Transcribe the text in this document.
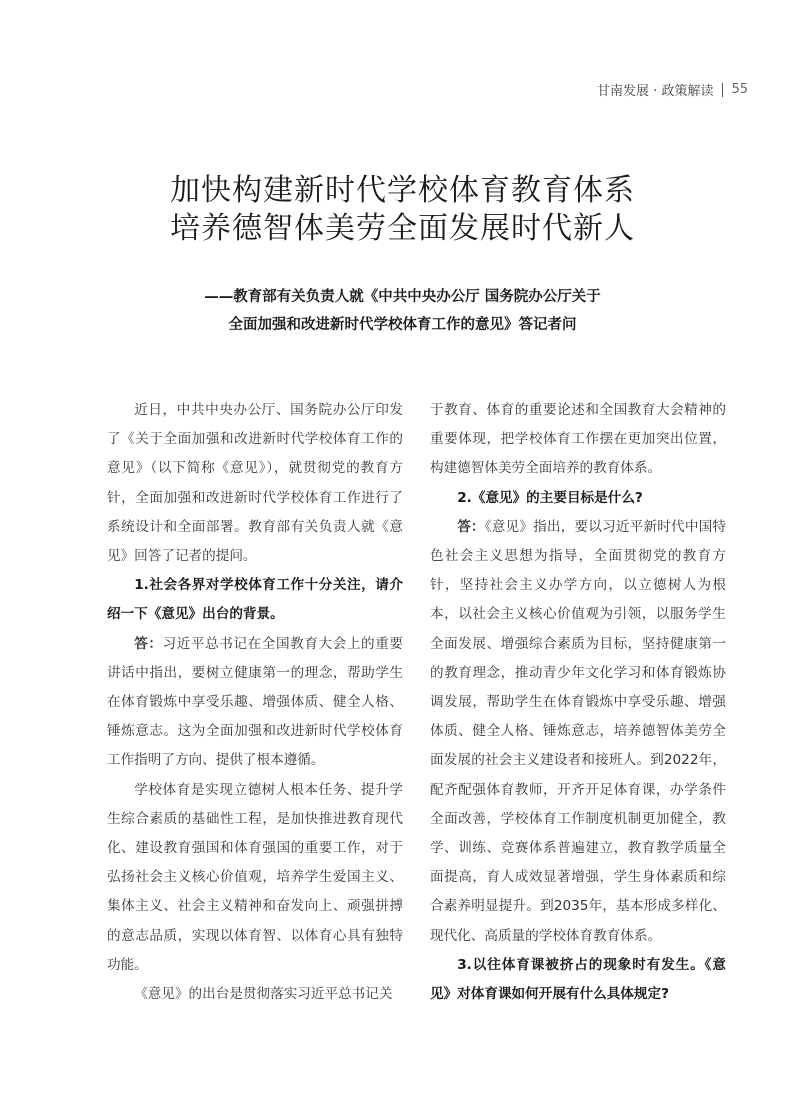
甘南发展 · 政策解读 55
加快构建新时代学校体育教育体系
培养德智体美劳全面发展时代新人
——教育部有关负责人就《中共中央办公厅 国务院办公厅关于
全面加强和改进新时代学校体育工作的意见》答记者问

近日，中共中央办公厅、国务院办公厅印发了《关于全面加强和改进新时代学校体育工作的意见》（以下简称《意见》），就贯彻党的教育方针，全面加强和改进新时代学校体育工作进行了系统设计和全面部署。教育部有关负责人就《意见》回答了记者的提问。

1.社会各界对学校体育工作十分关注，请介绍一下《意见》出台的背景。

答：习近平总书记在全国教育大会上的重要讲话中指出，要树立健康第一的理念，帮助学生在体育锻炼中享受乐趣、增强体质、健全人格、锤炼意志。这为全面加强和改进新时代学校体育工作指明了方向、提供了根本遵循。

学校体育是实现立德树人根本任务、提升学生综合素质的基础性工程，是加快推进教育现代化、建设教育强国和体育强国的重要工作，对于弘扬社会主义核心价值观，培养学生爱国主义、集体主义、社会主义精神和奋发向上、顽强拼搏的意志品质，实现以体育智、以体育心具有独特功能。

《意见》的出台是贯彻落实习近平总书记关

于教育、体育的重要论述和全国教育大会精神的重要体现，把学校体育工作摆在更加突出位置，构建德智体美劳全面培养的教育体系。

2.《意见》的主要目标是什么?

答：《意见》指出，要以习近平新时代中国特色社会主义思想为指导，全面贯彻党的教育方针，坚持社会主义办学方向，以立德树人为根本，以社会主义核心价值观为引领，以服务学生全面发展、增强综合素质为目标，坚持健康第一的教育理念，推动青少年文化学习和体育锻炼协调发展，帮助学生在体育锻炼中享受乐趣、增强体质、健全人格、锤炼意志，培养德智体美劳全面发展的社会主义建设者和接班人。到2022年，配齐配强体育教师，开齐开足体育课，办学条件全面改善，学校体育工作制度机制更加健全，教学、训练、竞赛体系普遍建立，教育教学质量全面提高，育人成效显著增强，学生身体素质和综合素养明显提升。到2035年，基本形成多样化、现代化、高质量的学校体育教育体系。

3.以往体育课被挤占的现象时有发生。《意见》对体育课如何开展有什么具体规定?
